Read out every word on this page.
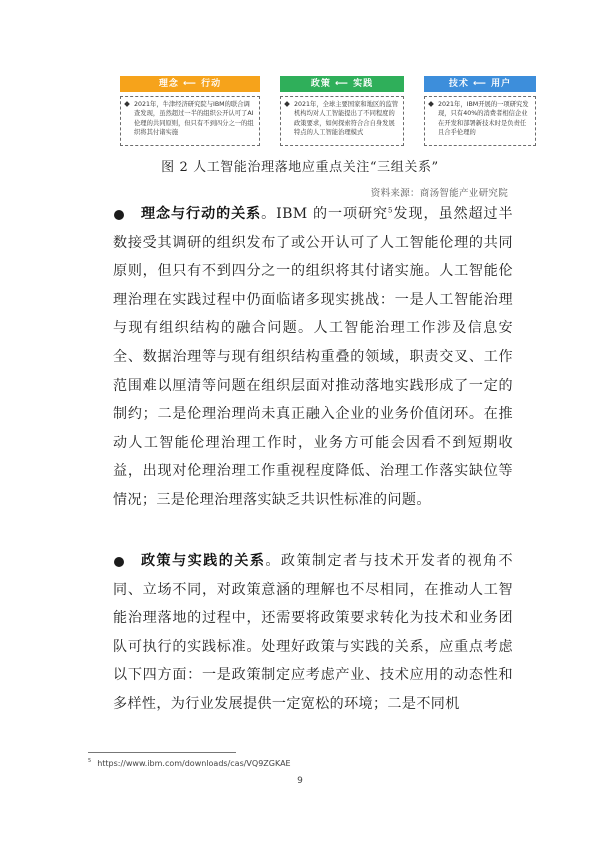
理念 ⟵ 行动
2021年，牛津经济研究院与IBM的联合调查发现，虽然超过一半的组织公开认可了AI伦理的共同原则，但只有不到四分之一的组织将其付诸实施
政策 ⟵ 实践
2021年，全球主要国家和地区的监管机构均对人工智能提出了不同程度的政策要求，如何探索符合合自身发展特点的人工智能治理模式
技术 ⟵ 用户
2021年，IBM开展的一项研究发现，只有40%的消费者相信企业在开发和部署新技术时是负责任且合乎伦理的
图 2 人工智能治理落地应重点关注“三组关系”
资料来源：商汤智能产业研究院

理念与行动的关系。IBM 的一项研究$^5$发现，虽然超过半数接受其调研的组织发布了或公开认可了人工智能伦理的共同原则，但只有不到四分之一的组织将其付诸实施。人工智能伦理治理在实践过程中仍面临诸多现实挑战：一是人工智能治理与现有组织结构的融合问题。人工智能治理工作涉及信息安全、数据治理等与现有组织结构重叠的领域，职责交叉、工作范围难以厘清等问题在组织层面对推动落地实践形成了一定的制约；二是伦理治理尚未真正融入企业的业务价值闭环。在推动人工智能伦理治理工作时，业务方可能会因看不到短期收益，出现对伦理治理工作重视程度降低、治理工作落实缺位等情况；三是伦理治理落实缺乏共识性标准的问题。

政策与实践的关系。政策制定者与技术开发者的视角不同、立场不同，对政策意涵的理解也不尽相同，在推动人工智能治理落地的过程中，还需要将政策要求转化为技术和业务团队可执行的实践标准。处理好政策与实践的关系，应重点考虑以下四方面：一是政策制定应考虑产业、技术应用的动态性和多样性，为行业发展提供一定宽松的环境；二是不同机

$^5$ https://www.ibm.com/downloads/cas/VQ9ZGKAE
9
